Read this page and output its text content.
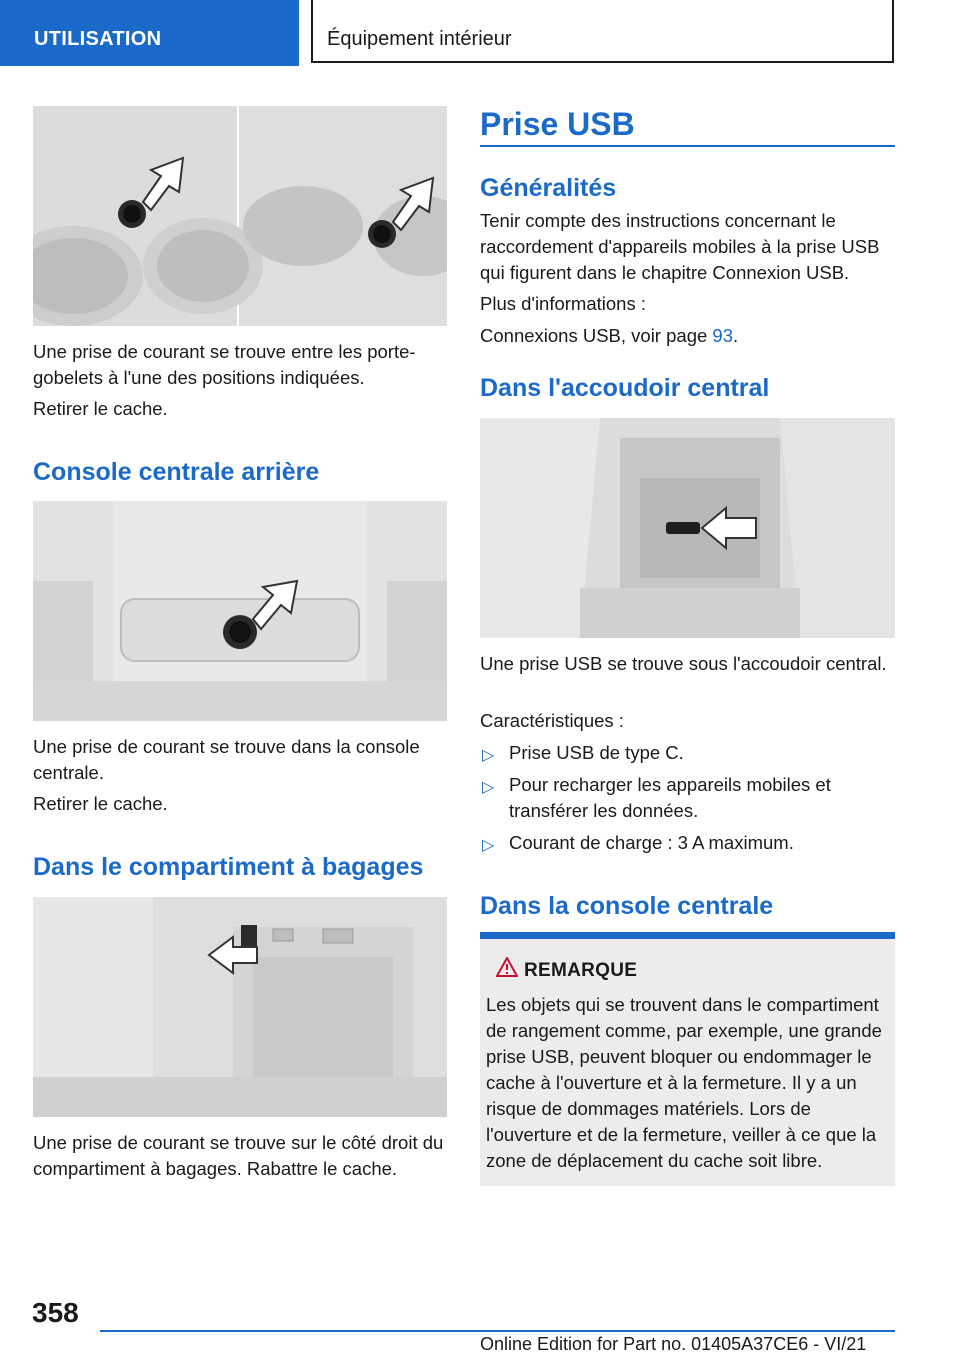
UTILISATION	Équipement intérieur

Une prise de courant se trouve entre les porte-gobelets à l'une des positions indiquées.

Retirer le cache.

Console centrale arrière

Une prise de courant se trouve dans la console centrale.

Retirer le cache.

Dans le compartiment à bagages

Une prise de courant se trouve sur le côté droit du compartiment à bagages. Rabattre le cache.

Prise USB
Généralités

Tenir compte des instructions concernant le raccordement d'appareils mobiles à la prise USB qui figurent dans le chapitre Connexion USB.

Plus d'informations :

Connexions USB, voir page 93.

Dans l'accoudoir central

Une prise USB se trouve sous l'accoudoir central.

Caractéristiques :

▷ Prise USB de type C.

▷ Pour recharger les appareils mobiles et transférer les données.

▷ Courant de charge : 3 A maximum.

Dans la console centrale
REMARQUE

Les objets qui se trouvent dans le compartiment de rangement comme, par exemple, une grande prise USB, peuvent bloquer ou endommager le cache à l'ouverture et à la fermeture. Il y a un risque de dommages matériels. Lors de l'ouverture et de la fermeture, veiller à ce que la zone de déplacement du cache soit libre.

358
Online Edition for Part no. 01405A37CE6 - VI/21
